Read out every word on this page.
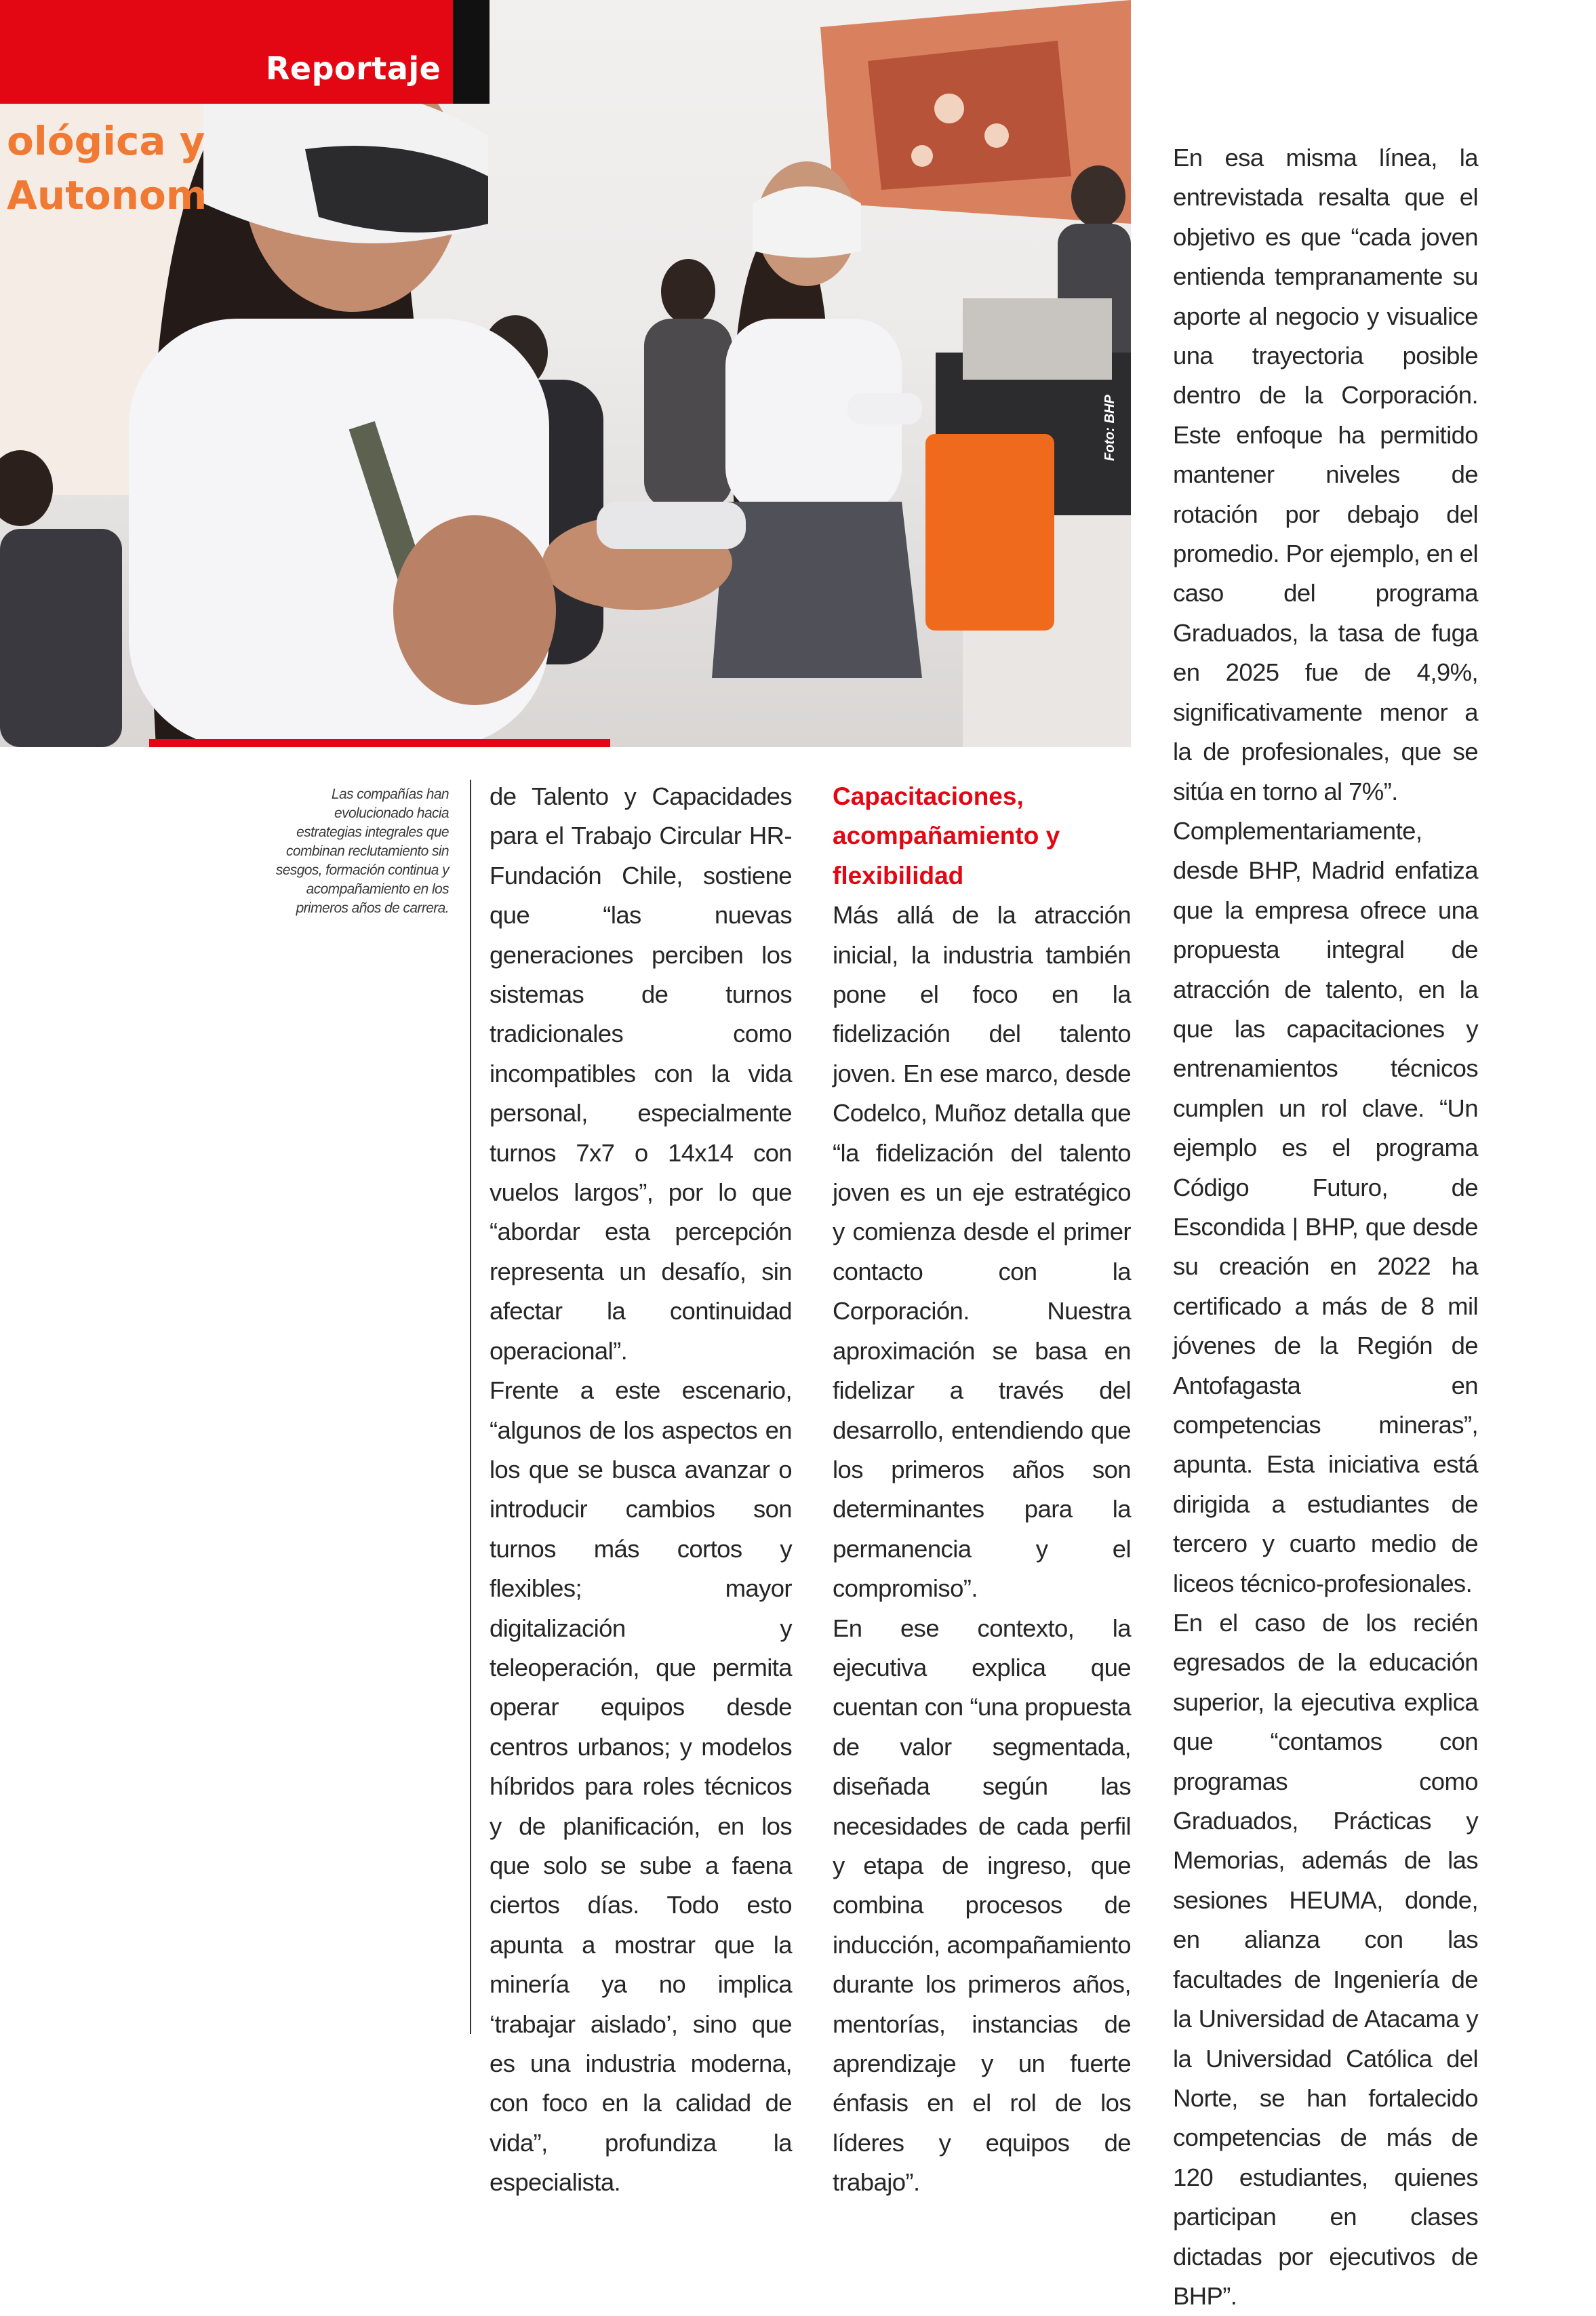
ológica y
Autonom
Foto: BHP
Reportaje
Las compañías han evolucionado hacia estrategias integrales que combinan reclutamiento sin sesgos, formación continua y acompañamiento en los primeros años de carrera.

de Talento y Capacidades para el Trabajo Circular HR-Fundación Chile, sostiene que “las nuevas generaciones perciben los sistemas de turnos tradicionales como incompatibles con la vida personal, especialmente turnos 7x7 o 14x14 con vuelos largos”, por lo que “abordar esta percepción representa un desafío, sin afectar la continuidad operacional”.

Frente a este escenario, “algunos de los aspectos en los que se busca avanzar o introducir cambios son turnos más cortos y flexibles; mayor digitalización y teleoperación, que permita operar equipos desde centros urbanos; y modelos híbridos para roles técnicos y de planificación, en los que solo se sube a faena ciertos días. Todo esto apunta a mostrar que la minería ya no implica ‘trabajar aislado’, sino que es una industria moderna, con foco en la calidad de vida”, profundiza la especialista.

Capacitaciones, acompañamiento y flexibilidad

Más allá de la atracción inicial, la industria también pone el foco en la fidelización del talento joven. En ese marco, desde Codelco, Muñoz detalla que “la fidelización del talento joven es un eje estratégico y comienza desde el primer contacto con la Corporación. Nuestra aproximación se basa en fidelizar a través del desarrollo, entendiendo que los primeros años son determinantes para la permanencia y el compromiso”.

En ese contexto, la ejecutiva explica que cuentan con “una propuesta de valor segmentada, diseñada según las necesidades de cada perfil y etapa de ingreso, que combina procesos de inducción, acompañamiento durante los primeros años, mentorías, instancias de aprendizaje y un fuerte énfasis en el rol de los líderes y equipos de trabajo”.

En esa misma línea, la entrevistada resalta que el objetivo es que “cada joven entienda tempranamente su aporte al negocio y visualice una trayectoria posible dentro de la Corporación. Este enfoque ha permitido mantener niveles de rotación por debajo del promedio. Por ejemplo, en el caso del programa Graduados, la tasa de fuga en 2025 fue de 4,9%, significativamente menor a la de profesionales, que se sitúa en torno al 7%”.

Complementariamente, desde BHP, Madrid enfatiza que la empresa ofrece una propuesta integral de atracción de talento, en la que las capacitaciones y entrenamientos técnicos cumplen un rol clave. “Un ejemplo es el programa Código Futuro, de Escondida | BHP, que desde su creación en 2022 ha certificado a más de 8 mil jóvenes de la Región de Antofagasta en competencias mineras”, apunta. Esta iniciativa está dirigida a estudiantes de tercero y cuarto medio de liceos técnico-profesionales.

En el caso de los recién egresados de la educación superior, la ejecutiva explica que “contamos con programas como Graduados, Prácticas y Memorias, además de las sesiones HEUMA, donde, en alianza con las facultades de Ingeniería de la Universidad de Atacama y la Universidad Católica del Norte, se han fortalecido competencias de más de 120 estudiantes, quienes participan en clases dictadas por ejecutivos de BHP”.
